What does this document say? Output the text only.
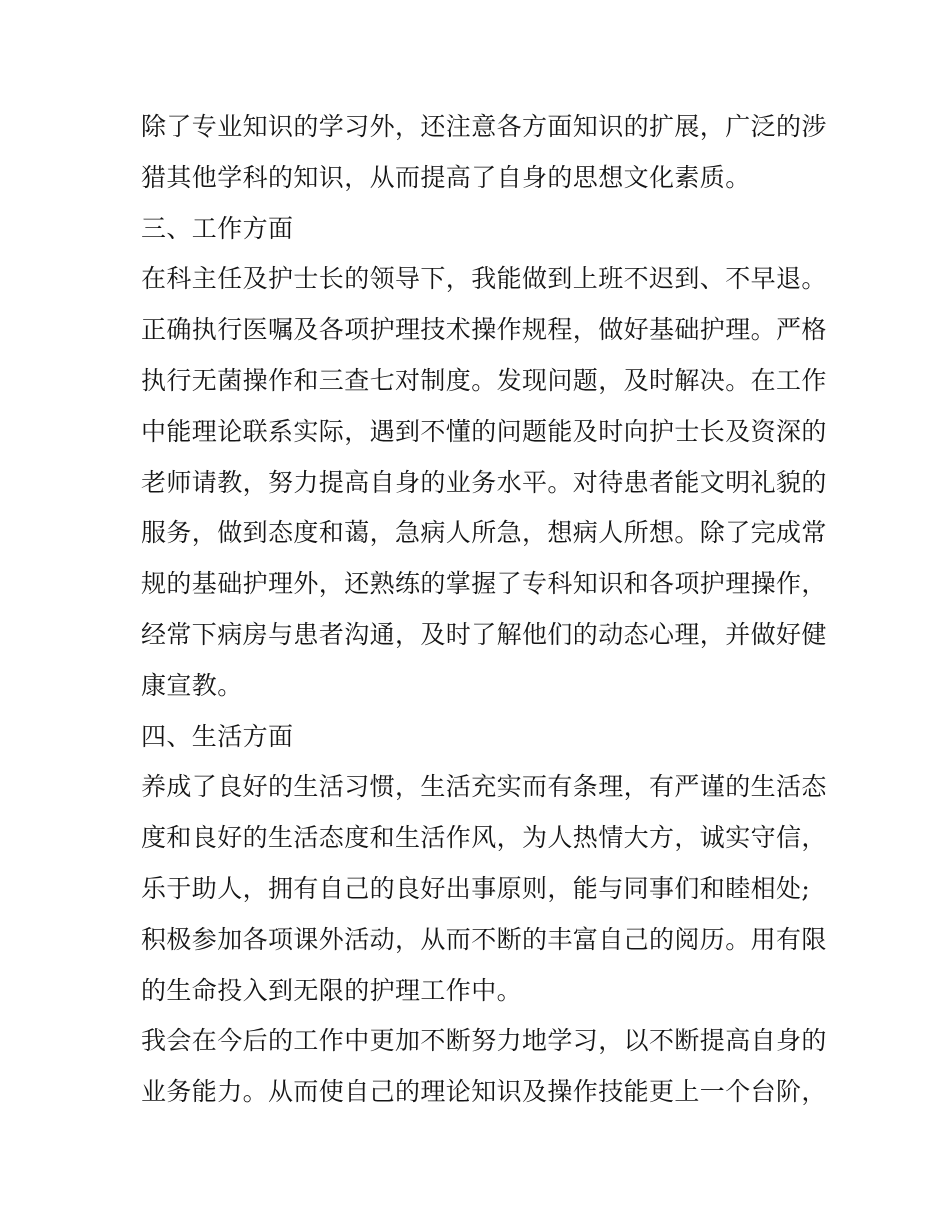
除了专业知识的学习外，还注意各方面知识的扩展，广泛的涉
猎其他学科的知识，从而提高了自身的思想文化素质。
三、工作方面
在科主任及护士长的领导下，我能做到上班不迟到、不早退。
正确执行医嘱及各项护理技术操作规程，做好基础护理。严格
执行无菌操作和三查七对制度。发现问题，及时解决。在工作
中能理论联系实际，遇到不懂的问题能及时向护士长及资深的
老师请教，努力提高自身的业务水平。对待患者能文明礼貌的
服务，做到态度和蔼，急病人所急，想病人所想。除了完成常
规的基础护理外，还熟练的掌握了专科知识和各项护理操作，
经常下病房与患者沟通，及时了解他们的动态心理，并做好健
康宣教。
四、生活方面
养成了良好的生活习惯，生活充实而有条理，有严谨的生活态
度和良好的生活态度和生活作风，为人热情大方，诚实守信，
乐于助人，拥有自己的良好出事原则，能与同事们和睦相处;
积极参加各项课外活动，从而不断的丰富自己的阅历。用有限
的生命投入到无限的护理工作中。
我会在今后的工作中更加不断努力地学习，以不断提高自身的
业务能力。从而使自己的理论知识及操作技能更上一个台阶，
